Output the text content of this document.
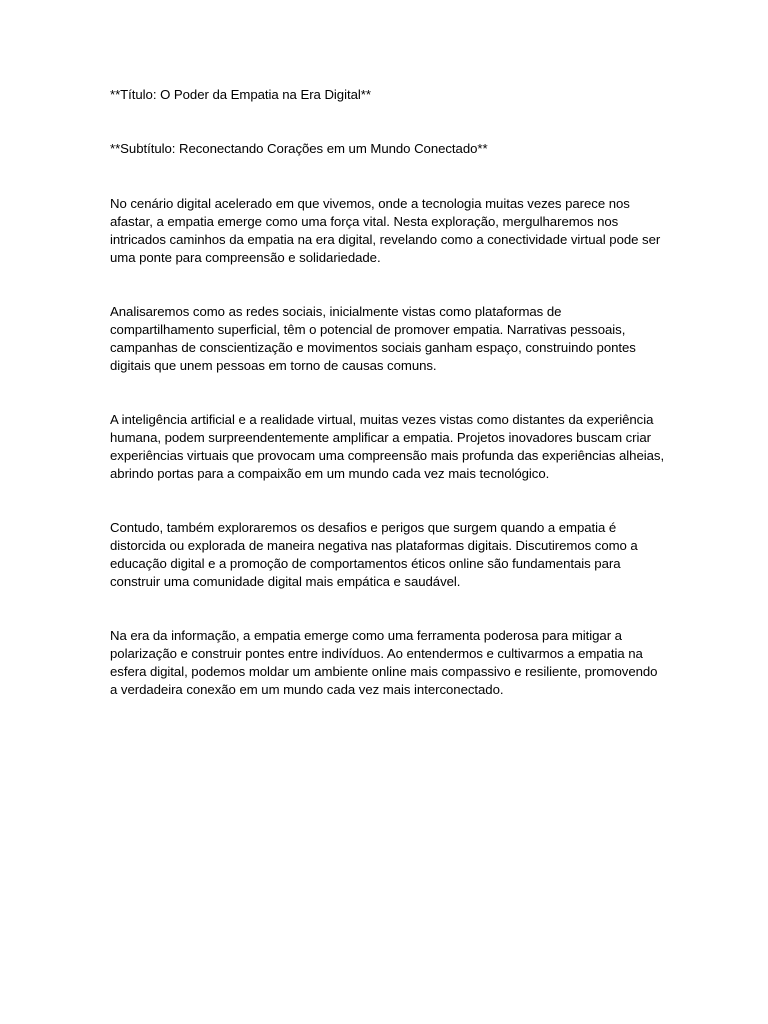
**Título: O Poder da Empatia na Era Digital**

**Subtítulo: Reconectando Corações em um Mundo Conectado**

No cenário digital acelerado em que vivemos, onde a tecnologia muitas vezes parece nos
afastar, a empatia emerge como uma força vital. Nesta exploração, mergulharemos nos
intricados caminhos da empatia na era digital, revelando como a conectividade virtual pode ser
uma ponte para compreensão e solidariedade.
Analisaremos como as redes sociais, inicialmente vistas como plataformas de
compartilhamento superficial, têm o potencial de promover empatia. Narrativas pessoais,
campanhas de conscientização e movimentos sociais ganham espaço, construindo pontes
digitais que unem pessoas em torno de causas comuns.
A inteligência artificial e a realidade virtual, muitas vezes vistas como distantes da experiência
humana, podem surpreendentemente amplificar a empatia. Projetos inovadores buscam criar
experiências virtuais que provocam uma compreensão mais profunda das experiências alheias,
abrindo portas para a compaixão em um mundo cada vez mais tecnológico.
Contudo, também exploraremos os desafios e perigos que surgem quando a empatia é
distorcida ou explorada de maneira negativa nas plataformas digitais. Discutiremos como a
educação digital e a promoção de comportamentos éticos online são fundamentais para
construir uma comunidade digital mais empática e saudável.
Na era da informação, a empatia emerge como uma ferramenta poderosa para mitigar a
polarização e construir pontes entre indivíduos. Ao entendermos e cultivarmos a empatia na
esfera digital, podemos moldar um ambiente online mais compassivo e resiliente, promovendo
a verdadeira conexão em um mundo cada vez mais interconectado.
